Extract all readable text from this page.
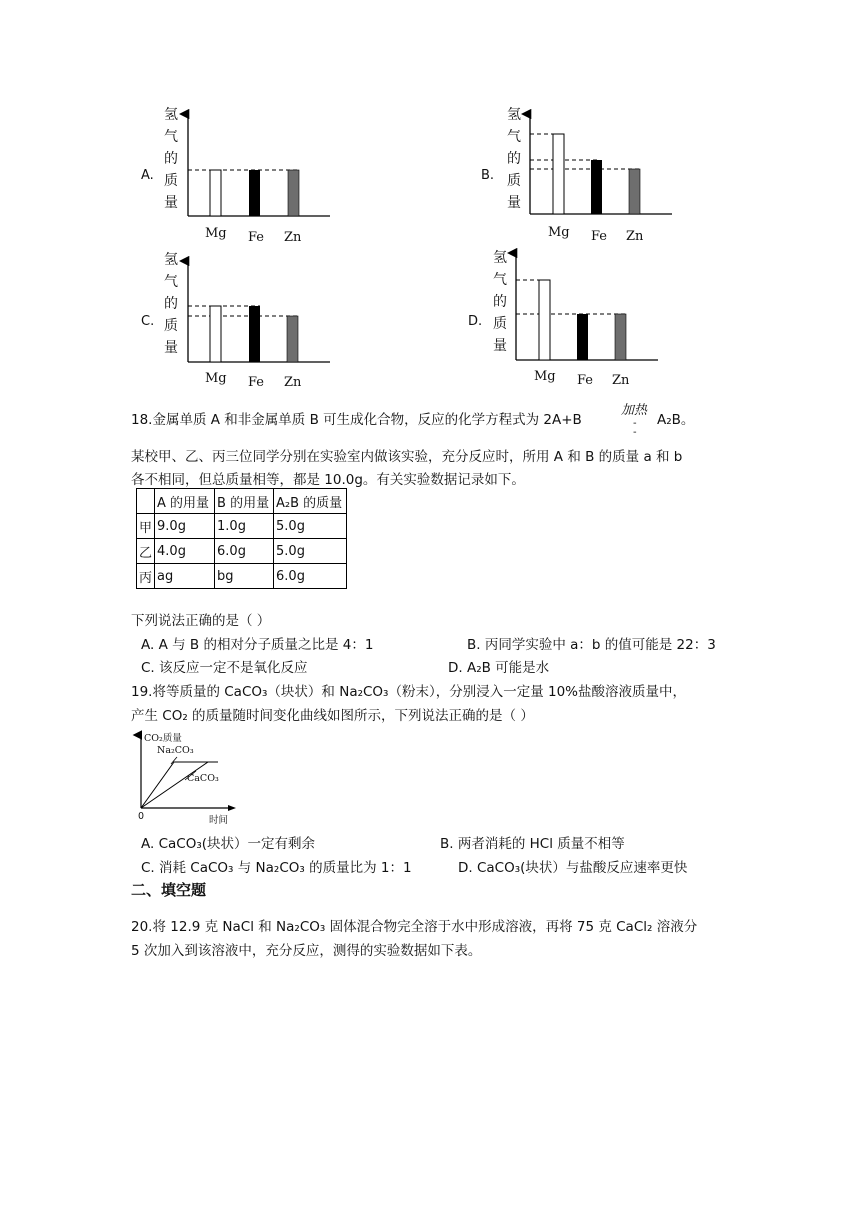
氢
气
的
质
量
氢
气
的
质
量
氢
气
的
质
量
氢
气
的
质
量
A.	B.
C.	D.
Mg Fe Zn	Mg Fe Zn
Mg Fe Zn	Mg Fe Zn
18.金属单质 A 和非金属单质 B 可生成化合物，反应的化学方程式为 2A+B
加热
-
-
A₂B。
某校甲、乙、丙三位同学分别在实验室内做该实验，充分反应时，所用 A 和 B 的质量 a 和 b
各不相同，但总质量相等，都是 10.0g。有关实验数据记录如下。
	A 的用量	B 的用量	A₂B 的质量
甲	9.0g	1.0g	5.0g
乙	4.0g	6.0g	5.0g
丙	ag	bg	6.0g
下列说法正确的是（ ）
A. A 与 B 的相对分子质量之比是 4：1	B. 丙同学实验中 a：b 的值可能是 22：3
C. 该反应一定不是氧化反应	D. A₂B 可能是水
19.将等质量的 CaCO₃（块状）和 Na₂CO₃（粉末），分别浸入一定量 10%盐酸溶液质量中，
产生 CO₂ 的质量随时间变化曲线如图所示，下列说法正确的是（ ）
CO₂质量
Na₂CO₃
CaCO₃
0	时间
A. CaCO₃(块状）一定有剩余	B. 两者消耗的 HCl 质量不相等
C. 消耗 CaCO₃ 与 Na₂CO₃ 的质量比为 1：1	D. CaCO₃(块状）与盐酸反应速率更快
二、填空题
20.将 12.9 克 NaCl 和 Na₂CO₃ 固体混合物完全溶于水中形成溶液，再将 75 克 CaCl₂ 溶液分
5 次加入到该溶液中，充分反应，测得的实验数据如下表。
